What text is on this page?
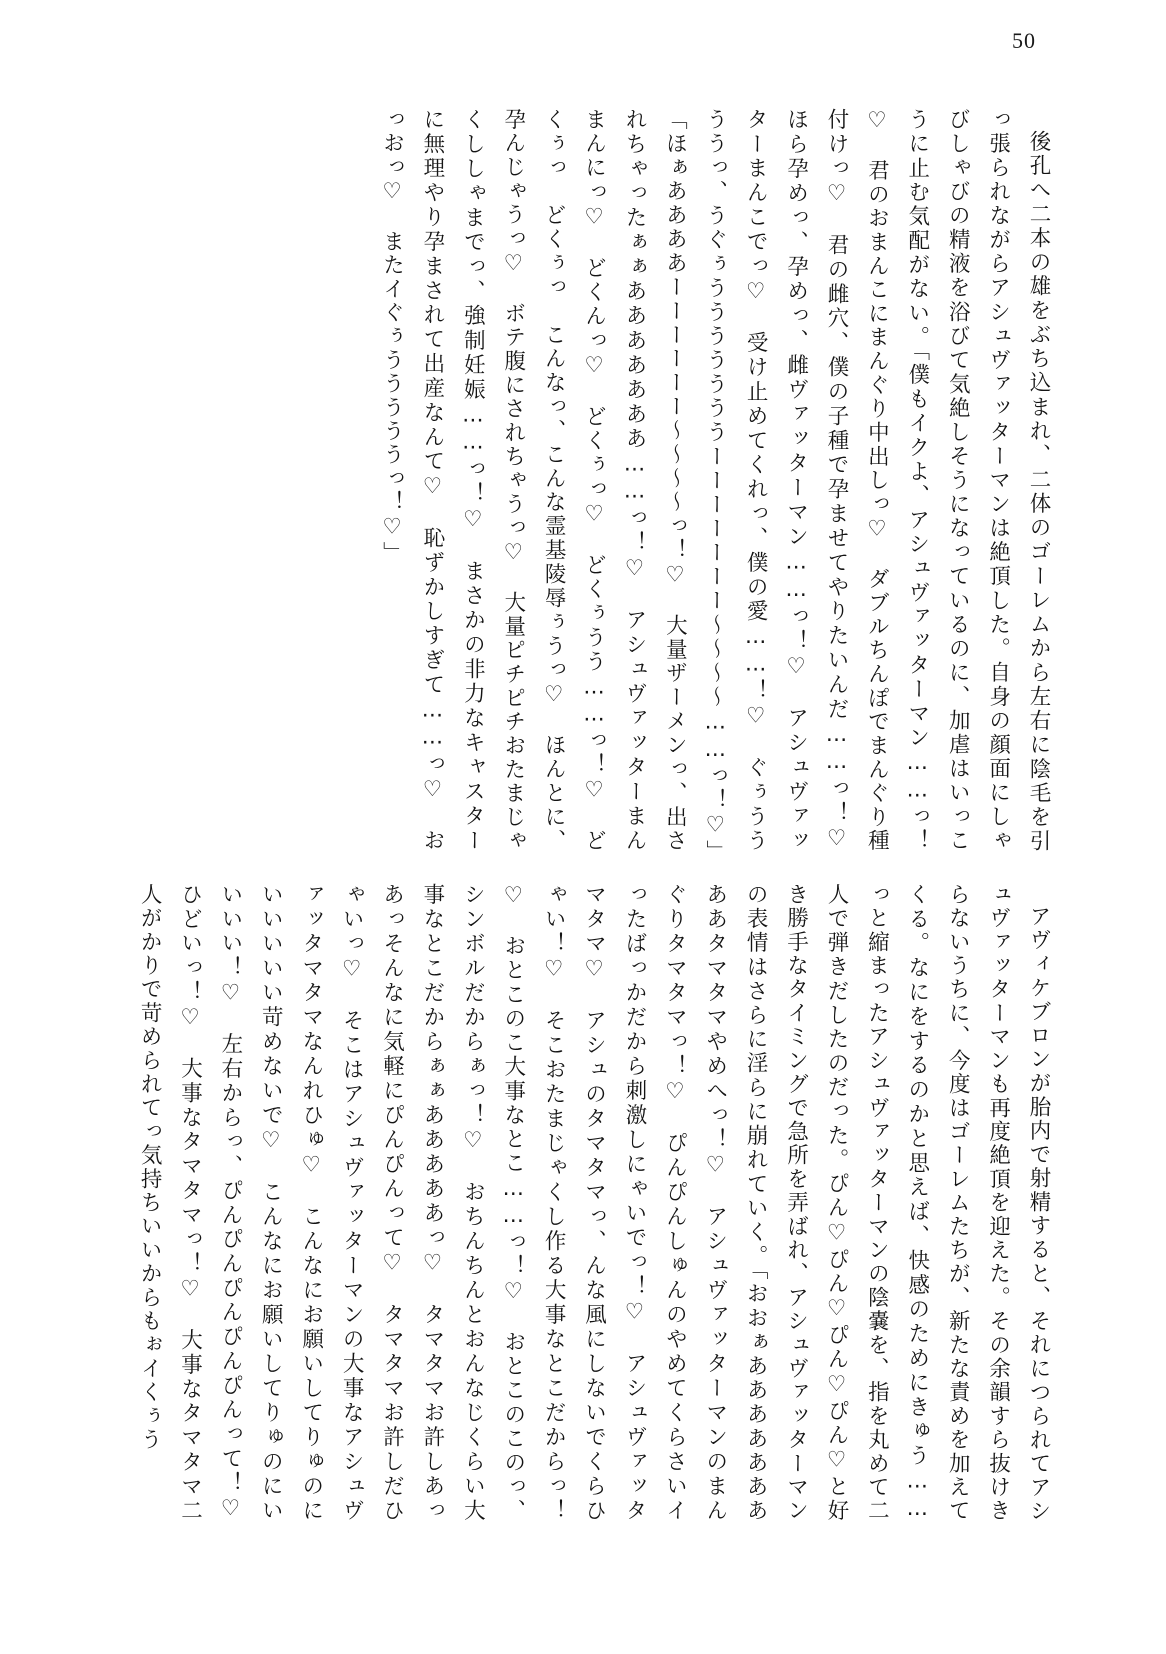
50
後孔へ二本の雄をぶち込まれ、二体のゴーレムから左右に陰毛を引っ張られながらアシュヴァッターマンは絶頂した。自身の顔面にしゃびしゃびの精液を浴びて気絶しそうになっているのに、加虐はいっこうに止む気配がない。「僕もイクよ、アシュヴァッターマン……っ！♡　君のおまんこにまんぐり中出しっ♡　ダブルちんぽでまんぐり種付けっ♡　君の雌穴、僕の子種で孕ませてやりたいんだ……っ！♡　ほら孕めっ、孕めっ、雌ヴァッターマン……っ！♡　アシュヴァッターまんこでっ♡　受け止めてくれっ、僕の愛……！♡　ぐぅううううっ、うぐぅうううううううーーーーーーー〜〜〜〜……っ！♡」「ほぁああああーーーーーー〜〜〜〜っ！♡　大量ザーメンっ、出されちゃったぁぁあああああああ……っ！♡　アシュヴァッターまんまんにっ♡　どくんっ♡　どくぅっ♡　どくぅうう……っ！♡　どくぅっ　どくぅっ　こんなっ、こんな霊基陵辱ぅうっ♡　ほんとに、孕んじゃうっ♡　ボテ腹にされちゃうっ♡　大量ピチピチおたまじゃくししゃまでっ、強制妊娠……っ！♡　まさかの非力なキャスターに無理やり孕まされて出産なんて♡　恥ずかしすぎて……っ♡　おっおっ♡　またイぐぅうううううっ！♡」
アヴィケブロンが胎内で射精すると、それにつられてアシュヴァッターマンも再度絶頂を迎えた。その余韻すら抜けきらないうちに、今度はゴーレムたちが、新たな責めを加えてくる。なにをするのかと思えば、快感のためにきゅう……っと縮まったアシュヴァッターマンの陰嚢を、指を丸めて二人で弾きだしたのだった。ぴん♡ぴん♡ぴん♡ぴん♡と好き勝手なタイミングで急所を弄ばれ、アシュヴァッターマンの表情はさらに淫らに崩れていく。「おおぁあああああああああタマタマやめへっ！♡　アシュヴァッターマンのまんぐりタマタマっ！♡　ぴんぴんしゅんのやめてくらさいイったばっかだから刺激しにゃいでっ！♡　アシュヴァッタマタマ♡　アシュのタマタマっ、んな風にしないでくらひゃい！♡　そこおたまじゃくし作る大事なとこだからっ！♡　おとこのこ大事なとこ……っ！♡　おとこのこのっ、シンボルだからぁっ！♡　おちんちんとおんなじくらい大事なとこだからぁぁあああああっ♡　タマタマお許しあっあっそんなに気軽にぴんぴんって♡　タマタマお許しだひゃいっ♡　そこはアシュヴァッターマンの大事なアシュヴァッタマタマなんれひゅ♡　こんなにお願いしてりゅのにいいいいい苛めないで♡　こんなにお願いしてりゅのにいいいい！♡　左右からっ、ぴんぴんぴんぴんぴんって！♡　ひどいっ！♡　大事なタマタマっ！♡　大事なタマタマ二人がかりで苛められてっ気持ちいいからもぉイくぅう
